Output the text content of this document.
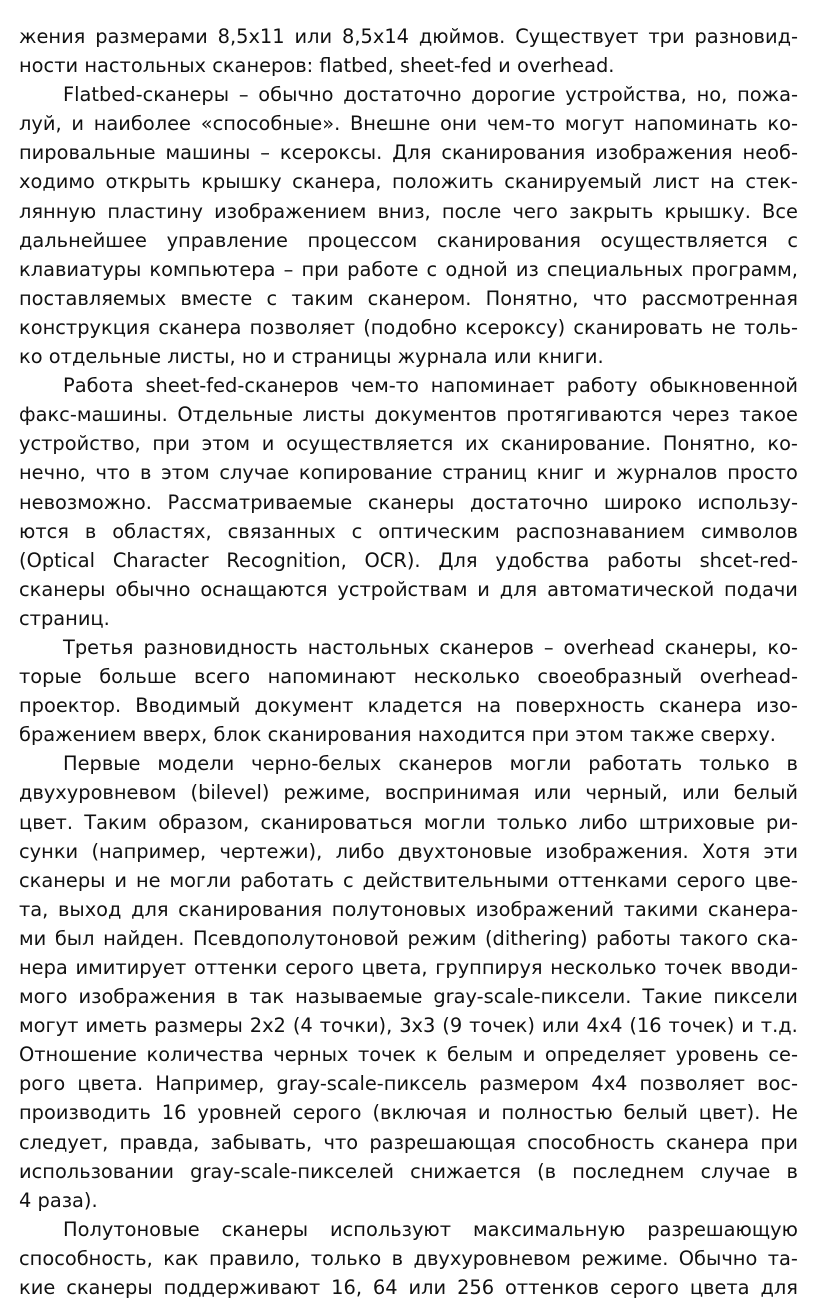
жения размерами 8,5x11 или 8,5x14 дюймов. Существует три разновид-
ности настольных сканеров: flatbed, sheet-fed и overhead.
Flatbed-сканеры – обычно достаточно дорогие устройства, но, пожа-
луй, и наиболее «способные». Внешне они чем-то могут напоминать ко-
пировальные машины – ксероксы. Для сканирования изображения необ-
ходимо открыть крышку сканера, положить сканируемый лист на стек-
лянную пластину изображением вниз, после чего закрыть крышку. Все
дальнейшее управление процессом сканирования осуществляется с
клавиатуры компьютера – при работе с одной из специальных программ,
поставляемых вместе с таким сканером. Понятно, что рассмотренная
конструкция сканера позволяет (подобно ксероксу) сканировать не толь-
ко отдельные листы, но и страницы журнала или книги.
Работа sheet-fed-сканеров чем-то напоминает работу обыкновенной
факс-машины. Отдельные листы документов протягиваются через такое
устройство, при этом и осуществляется их сканирование. Понятно, ко-
нечно, что в этом случае копирование страниц книг и журналов просто
невозможно. Рассматриваемые сканеры достаточно широко использу-
ются в областях, связанных с оптическим распознаванием символов
(Optical Character Recognition, OCR). Для удобства работы shcet-red-
сканеры обычно оснащаются устройствам и для автоматической подачи
страниц.
Третья разновидность настольных сканеров – overhead сканеры, ко-
торые больше всего напоминают несколько своеобразный overhead-
проектор. Вводимый документ кладется на поверхность сканера изо-
бражением вверх, блок сканирования находится при этом также сверху.
Первые модели черно-белых сканеров могли работать только в
двухуровневом (bilevel) режиме, воспринимая или черный, или белый
цвет. Таким образом, сканироваться могли только либо штриховые ри-
сунки (например, чертежи), либо двухтоновые изображения. Хотя эти
сканеры и не могли работать с действительными оттенками серого цве-
та, выход для сканирования полутоновых изображений такими сканера-
ми был найден. Псевдополутоновой режим (dithering) работы такого ска-
нера имитирует оттенки серого цвета, группируя несколько точек вводи-
мого изображения в так называемые gray-scale-пиксели. Такие пиксели
могут иметь размеры 2x2 (4 точки), 3x3 (9 точек) или 4x4 (16 точек) и т.д.
Отношение количества черных точек к белым и определяет уровень се-
рого цвета. Например, gray-scale-пиксель размером 4x4 позволяет вос-
производить 16 уровней серого (включая и полностью белый цвет). Не
следует, правда, забывать, что разрешающая способность сканера при
использовании gray-scale-пикселей снижается (в последнем случае в
4 раза).
Полутоновые сканеры используют максимальную разрешающую
способность, как правило, только в двухуровневом режиме. Обычно та-
кие сканеры поддерживают 16, 64 или 256 оттенков серого цвета для
